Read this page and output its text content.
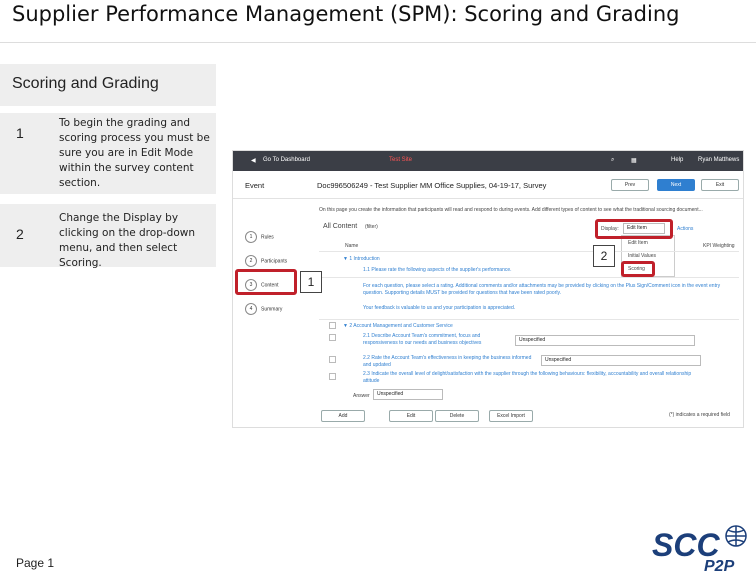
Supplier Performance Management (SPM): Scoring and Grading
Scoring and Grading
1
To begin the grading and scoring process you must be sure you are in Edit Mode within the survey content section.
2
Change the Display by clicking on the drop-down menu, and then select Scoring.
◀ Go To Dashboard	Test Site	⌕	▦	Help Ryan Matthews
Event	Doc996506249 - Test Supplier MM Office Supplies, 04-19-17, Survey	Prev	Next	Exit
On this page you create the information that participants will read and respond to during events. Add different types of content to see what the traditional sourcing document...
All Content (filter)	Display:	Edit Item	Actions
Edit Item
Initial Values
Scoring
Name	KPI Weighting
1 Rules
2 Participants
3 Content
4 Summary
▼ 1 Introduction
1.1 Please rate the following aspects of the supplier's performance.
For each question, please select a rating. Additional comments and/or attachments may be provided by clicking on the Plus Sign/Comment icon in the event entry question. Supporting details MUST be provided for questions that have been rated poorly.
Your feedback is valuable to us and your participation is appreciated.
▼ 2 Account Management and Customer Service
2.1 Describe Account Team's commitment, focus and responsiveness to our needs and business objectives	Unspecified
2.2 Rate the Account Team's effectiveness in keeping the business informed and updated
Unspecified
2.3 Indicate the overall level of delight/satisfaction with the supplier through the following behaviours: flexibility, accountability and overall relationship attitude
Answer	Unspecified
Add	Edit	Delete	Excel Import	(*) indicates a required field
1
2
Page 1	SCC
P2P
